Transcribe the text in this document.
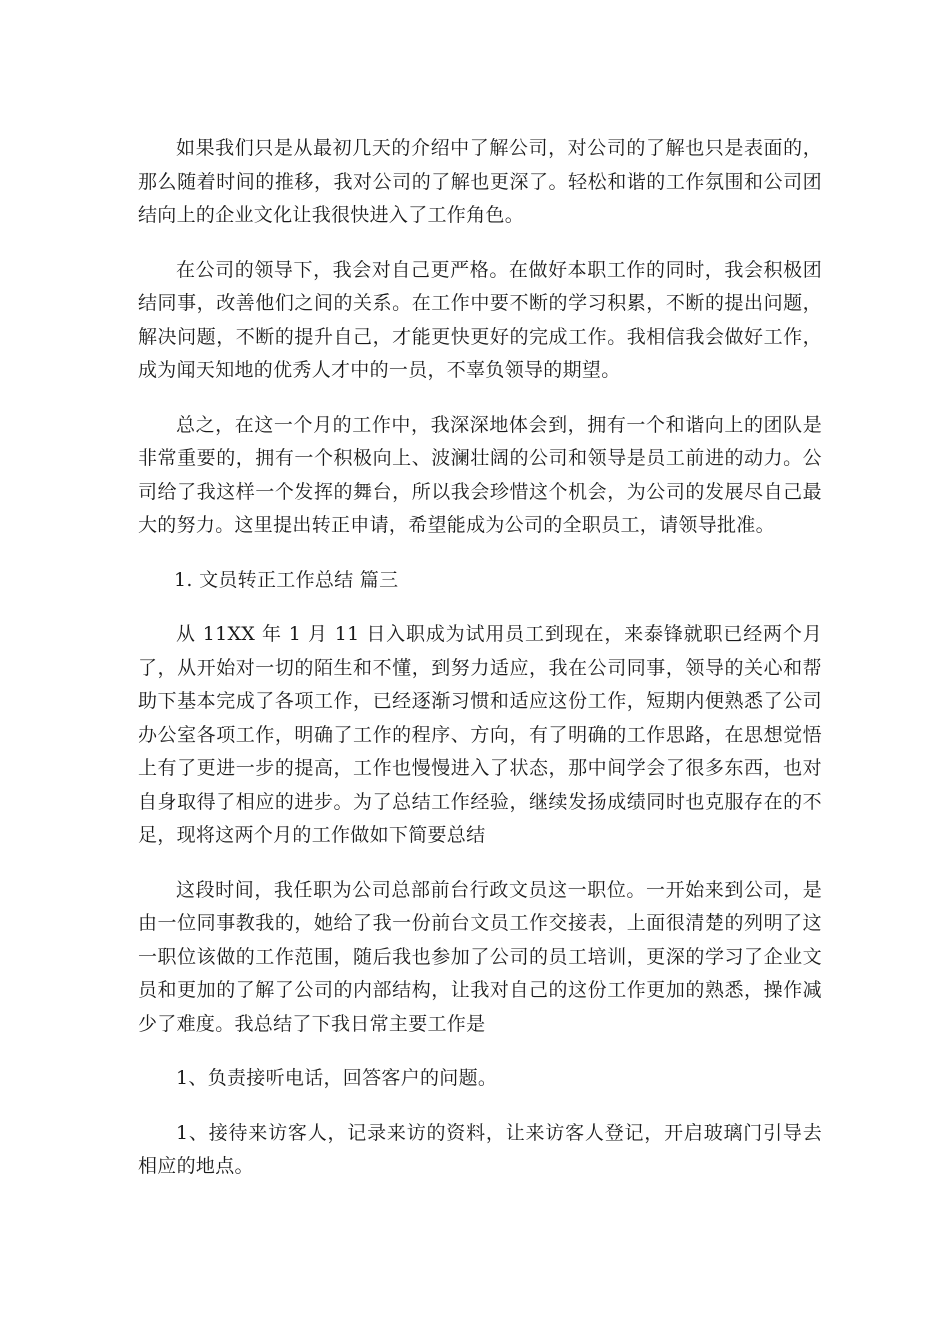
如果我们只是从最初几天的介绍中了解公司，对公司的了解也只是表面的，那么随着时间的推移，我对公司的了解也更深了。轻松和谐的工作氛围和公司团结向上的企业文化让我很快进入了工作角色。

在公司的领导下，我会对自己更严格。在做好本职工作的同时，我会积极团结同事，改善他们之间的关系。在工作中要不断的学习积累，不断的提出问题，解决问题，不断的提升自己，才能更快更好的完成工作。我相信我会做好工作，成为闻天知地的优秀人才中的一员，不辜负领导的期望。

总之，在这一个月的工作中，我深深地体会到，拥有一个和谐向上的团队是非常重要的，拥有一个积极向上、波澜壮阔的公司和领导是员工前进的动力。公司给了我这样一个发挥的舞台，所以我会珍惜这个机会，为公司的发展尽自己最大的努力。这里提出转正申请，希望能成为公司的全职员工，请领导批准。

1. 文员转正工作总结 篇三

从 11XX 年 1 月 11 日入职成为试用员工到现在，来泰锋就职已经两个月了，从开始对一切的陌生和不懂，到努力适应，我在公司同事，领导的关心和帮助下基本完成了各项工作，已经逐渐习惯和适应这份工作，短期内便熟悉了公司办公室各项工作，明确了工作的程序、方向，有了明确的工作思路，在思想觉悟上有了更进一步的提高，工作也慢慢进入了状态，那中间学会了很多东西，也对自身取得了相应的进步。为了总结工作经验，继续发扬成绩同时也克服存在的不足，现将这两个月的工作做如下简要总结

这段时间，我任职为公司总部前台行政文员这一职位。一开始来到公司，是由一位同事教我的，她给了我一份前台文员工作交接表，上面很清楚的列明了这一职位该做的工作范围，随后我也参加了公司的员工培训，更深的学习了企业文员和更加的了解了公司的内部结构，让我对自己的这份工作更加的熟悉，操作减少了难度。我总结了下我日常主要工作是

1、负责接听电话，回答客户的问题。

1、接待来访客人，记录来访的资料，让来访客人登记，开启玻璃门引导去相应的地点。
